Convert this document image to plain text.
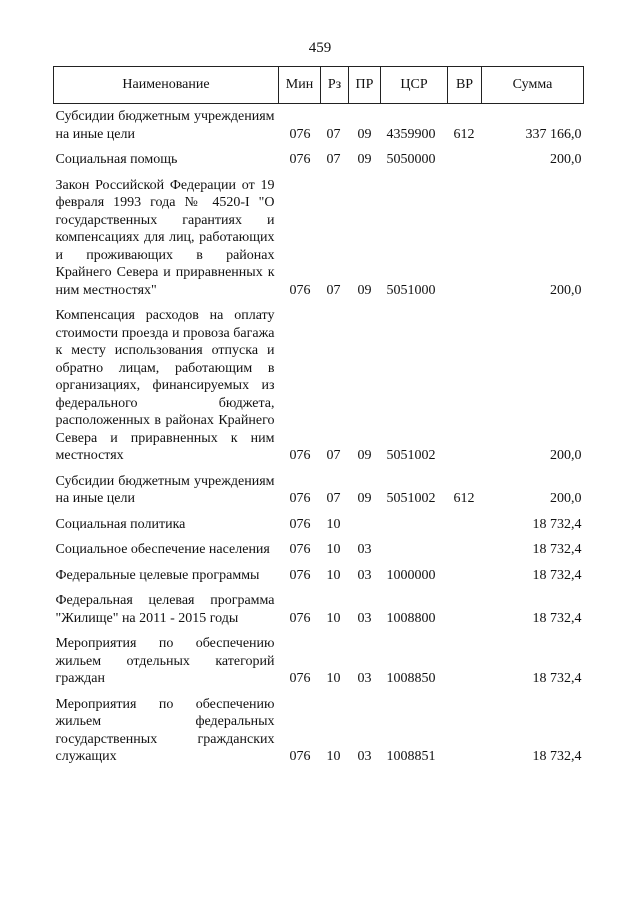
459
Наименование	Мин	Рз	ПР	ЦСР	ВР	Сумма
Субсидии бюджетным учреждениям на иные цели	076	07	09	4359900	612	337 166,0
Социальная помощь	076	07	09	5050000		200,0
Закон Российской Федерации от 19 февраля 1993 года № 4520-I "О государственных гарантиях и компенсациях для лиц, работающих и проживающих в районах Крайнего Севера и приравненных к ним местностях"	076	07	09	5051000		200,0
Компенсация расходов на оплату стоимости проезда и провоза багажа к месту использования отпуска и обратно лицам, работающим в организациях, финансируемых из федерального бюджета, расположенных в районах Крайнего Севера и приравненных к ним местностях	076	07	09	5051002		200,0
Субсидии бюджетным учреждениям на иные цели	076	07	09	5051002	612	200,0
Социальная политика	076	10				18 732,4
Социальное обеспечение населения	076	10	03			18 732,4
Федеральные целевые программы	076	10	03	1000000		18 732,4
Федеральная целевая программа "Жилище" на 2011 - 2015 годы	076	10	03	1008800		18 732,4
Мероприятия по обеспечению жильем отдельных категорий граждан	076	10	03	1008850		18 732,4
Мероприятия по обеспечению жильем федеральных государственных гражданских служащих	076	10	03	1008851		18 732,4
